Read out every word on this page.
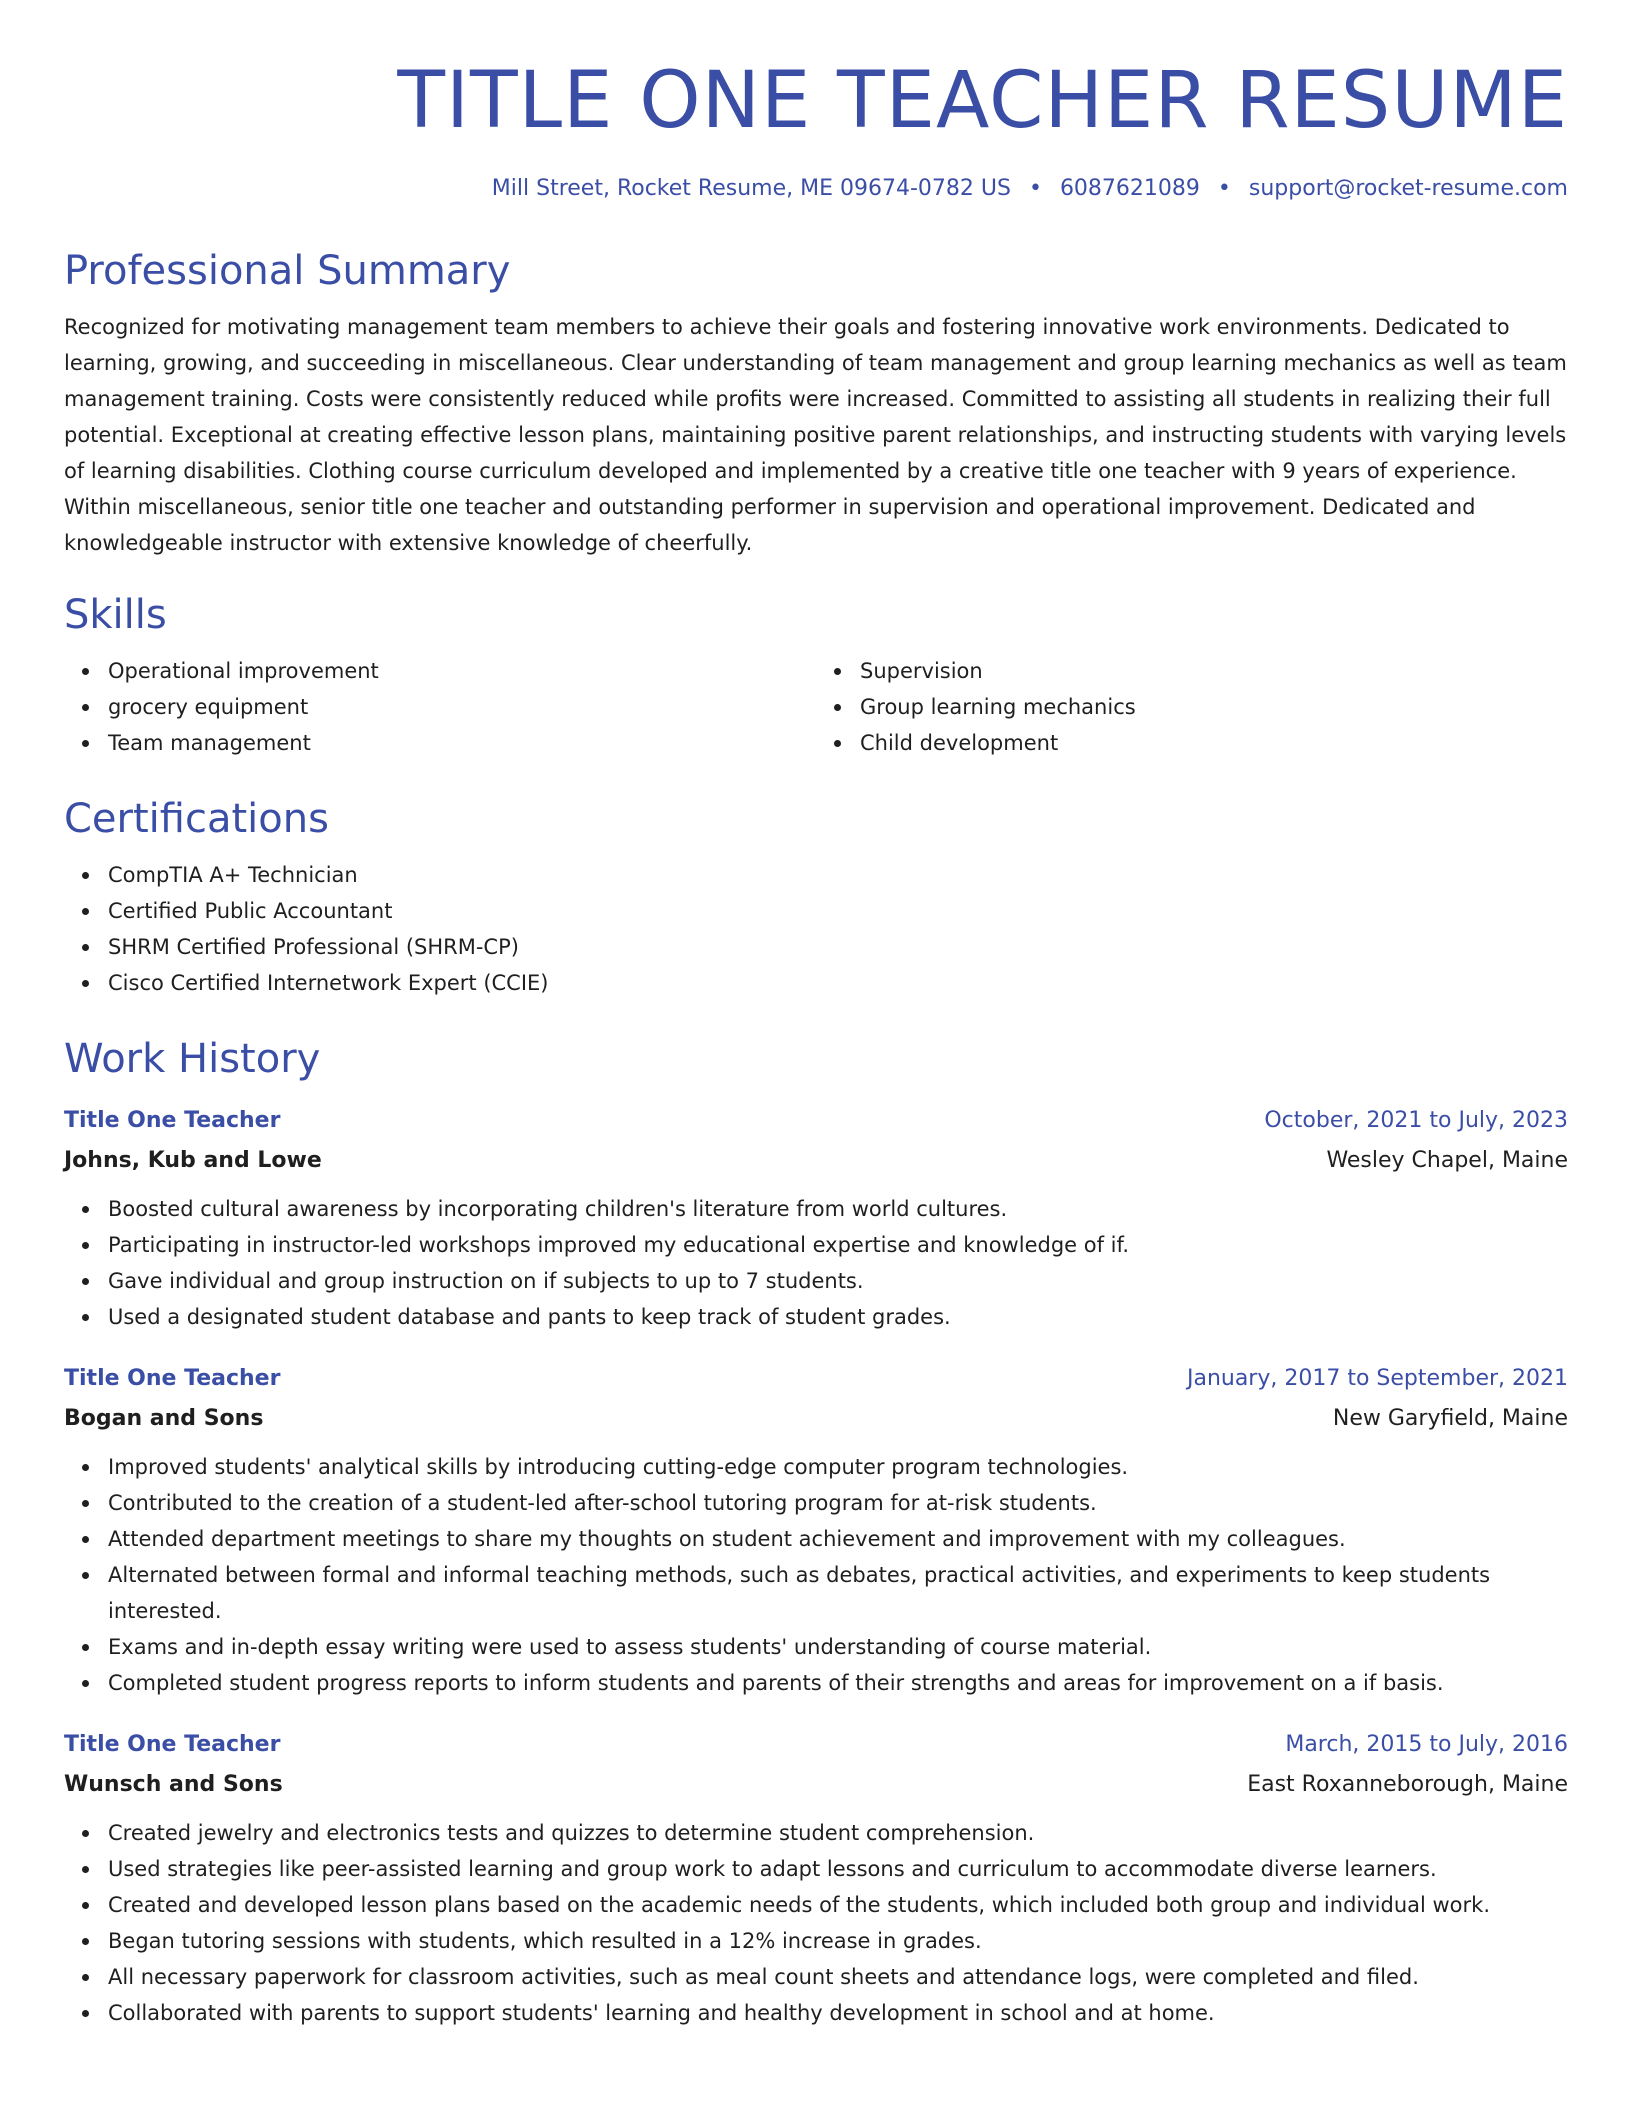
TITLE ONE TEACHER RESUME
Mill Street, Rocket Resume, ME 09674-0782 US • 6087621089 • support@rocket-resume.com
Professional Summary

Recognized for motivating management team members to achieve their goals and fostering innovative work environments. Dedicated to learning, growing, and succeeding in miscellaneous. Clear understanding of team management and group learning mechanics as well as team management training. Costs were consistently reduced while profits were increased. Committed to assisting all students in realizing their full potential. Exceptional at creating effective lesson plans, maintaining positive parent relationships, and instructing students with varying levels of learning disabilities. Clothing course curriculum developed and implemented by a creative title one teacher with 9 years of experience. Within miscellaneous, senior title one teacher and outstanding performer in supervision and operational improvement. Dedicated and knowledgeable instructor with extensive knowledge of cheerfully.

Skills
Operational improvement
grocery equipment
Team management
Supervision
Group learning mechanics
Child development
Certifications
CompTIA A+ Technician
Certified Public Accountant
SHRM Certified Professional (SHRM-CP)
Cisco Certified Internetwork Expert (CCIE)
Work History
Title One Teacher	October, 2021 to July, 2023
Johns, Kub and Lowe	Wesley Chapel, Maine
Boosted cultural awareness by incorporating children's literature from world cultures.
Participating in instructor-led workshops improved my educational expertise and knowledge of if.
Gave individual and group instruction on if subjects to up to 7 students.
Used a designated student database and pants to keep track of student grades.
Title One Teacher	January, 2017 to September, 2021
Bogan and Sons	New Garyfield, Maine
Improved students' analytical skills by introducing cutting-edge computer program technologies.
Contributed to the creation of a student-led after-school tutoring program for at-risk students.
Attended department meetings to share my thoughts on student achievement and improvement with my colleagues.
Alternated between formal and informal teaching methods, such as debates, practical activities, and experiments to keep students interested.
Exams and in-depth essay writing were used to assess students' understanding of course material.
Completed student progress reports to inform students and parents of their strengths and areas for improvement on a if basis.
Title One Teacher	March, 2015 to July, 2016
Wunsch and Sons	East Roxanneborough, Maine
Created jewelry and electronics tests and quizzes to determine student comprehension.
Used strategies like peer-assisted learning and group work to adapt lessons and curriculum to accommodate diverse learners.
Created and developed lesson plans based on the academic needs of the students, which included both group and individual work.
Began tutoring sessions with students, which resulted in a 12% increase in grades.
All necessary paperwork for classroom activities, such as meal count sheets and attendance logs, were completed and filed.
Collaborated with parents to support students' learning and healthy development in school and at home.
